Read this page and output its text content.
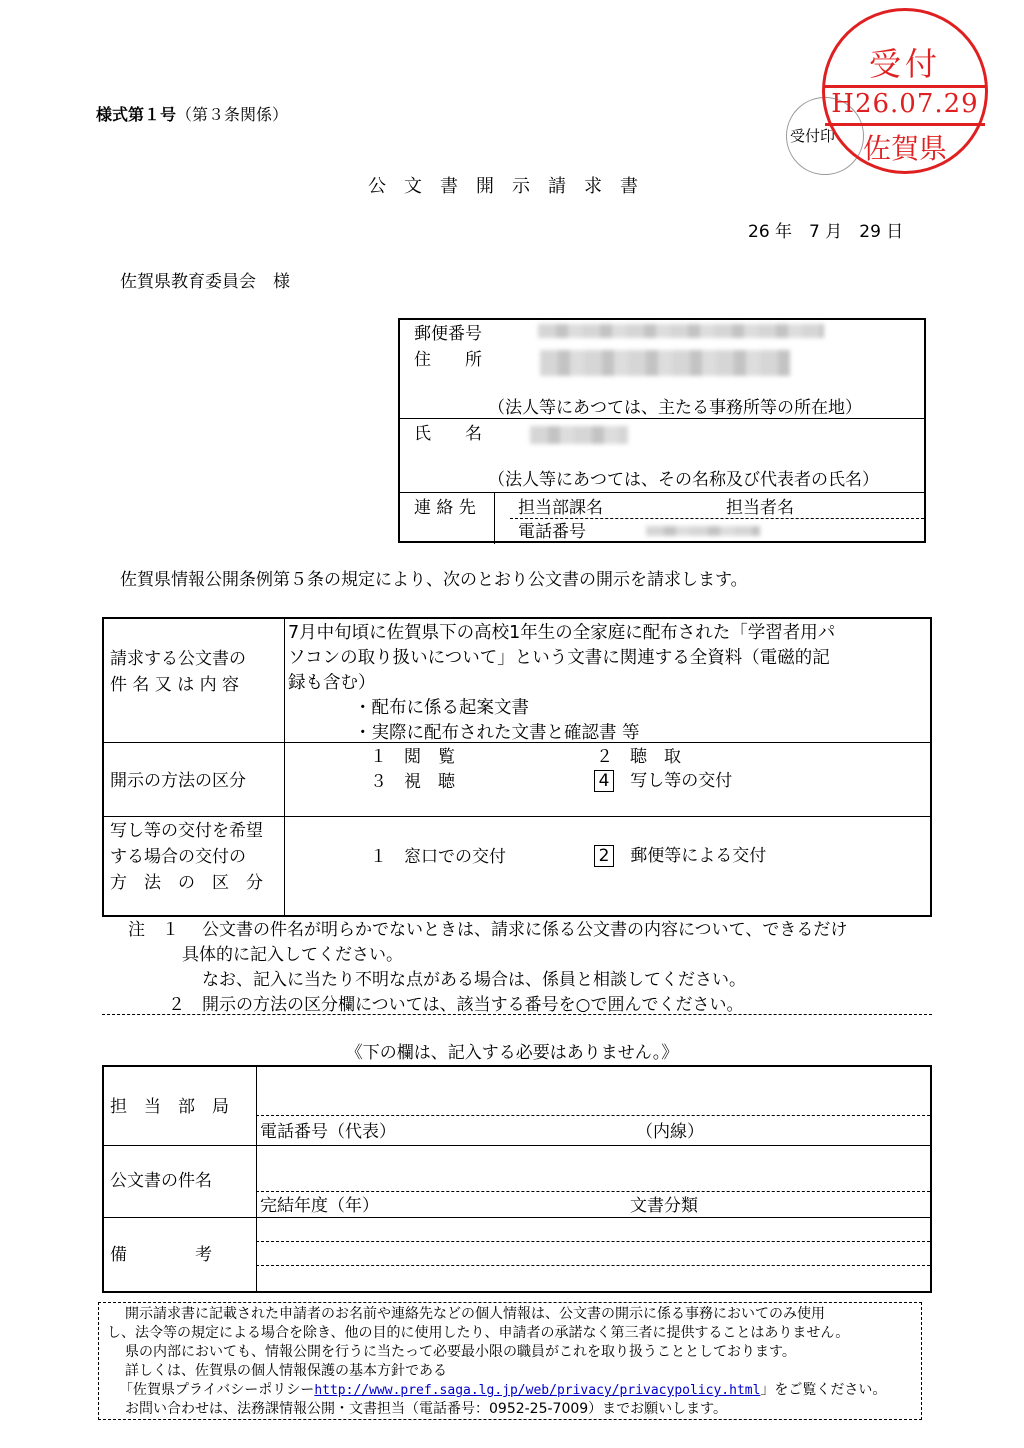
様式第１号（第３条関係）
公文書開示請求書
26 年　7 月　29 日
佐賀県教育委員会　様
受付印
受付
H26.07.29
佐賀県
郵便番号
住　　所
（法人等にあつては、主たる事務所等の所在地）
氏　　名
（法人等にあつては、その名称及び代表者の氏名）
連 絡 先 担当部課名	担当者名
電話番号
佐賀県情報公開条例第５条の規定により、次のとおり公文書の開示を請求します。
請求する公文書の
件 名 又 は 内 容
7月中旬頃に佐賀県下の高校1年生の全家庭に配布された「学習者用パ
ソコンの取り扱いについて」という文書に関連する全資料（電磁的記
録も含む）
・配布に係る起案文書
・実際に配布された文書と確認書 等
開示の方法の区分
１　閲　覧	２　聴　取
３　視　聴	4 写し等の交付
写し等の交付を希望
する場合の交付の
方　法　の　区　分
１　窓口での交付	2 郵便等による交付
注　１ 公文書の件名が明らかでないときは、請求に係る公文書の内容について、できるだけ
具体的に記入してください。
なお、記入に当たり不明な点がある場合は、係員と相談してください。
２ 開示の方法の区分欄については、該当する番号を○で囲んでください。
《下の欄は、記入する必要はありません。》
担　当　部　局
電話番号（代表）	（内線）
公文書の件名
完結年度（年）	文書分類
備　　　　考
開示請求書に記載された申請者のお名前や連絡先などの個人情報は、公文書の開示に係る事務においてのみ使用
し、法令等の規定による場合を除き、他の目的に使用したり、申請者の承諾なく第三者に提供することはありません。
県の内部においても、情報公開を行うに当たって必要最小限の職員がこれを取り扱うこととしております。
詳しくは、佐賀県の個人情報保護の基本方針である
「佐賀県プライバシーポリシーhttp://www.pref.saga.lg.jp/web/privacy/privacypolicy.html」をご覧ください。
お問い合わせは、法務課情報公開・文書担当（電話番号：0952-25-7009）までお願いします。
